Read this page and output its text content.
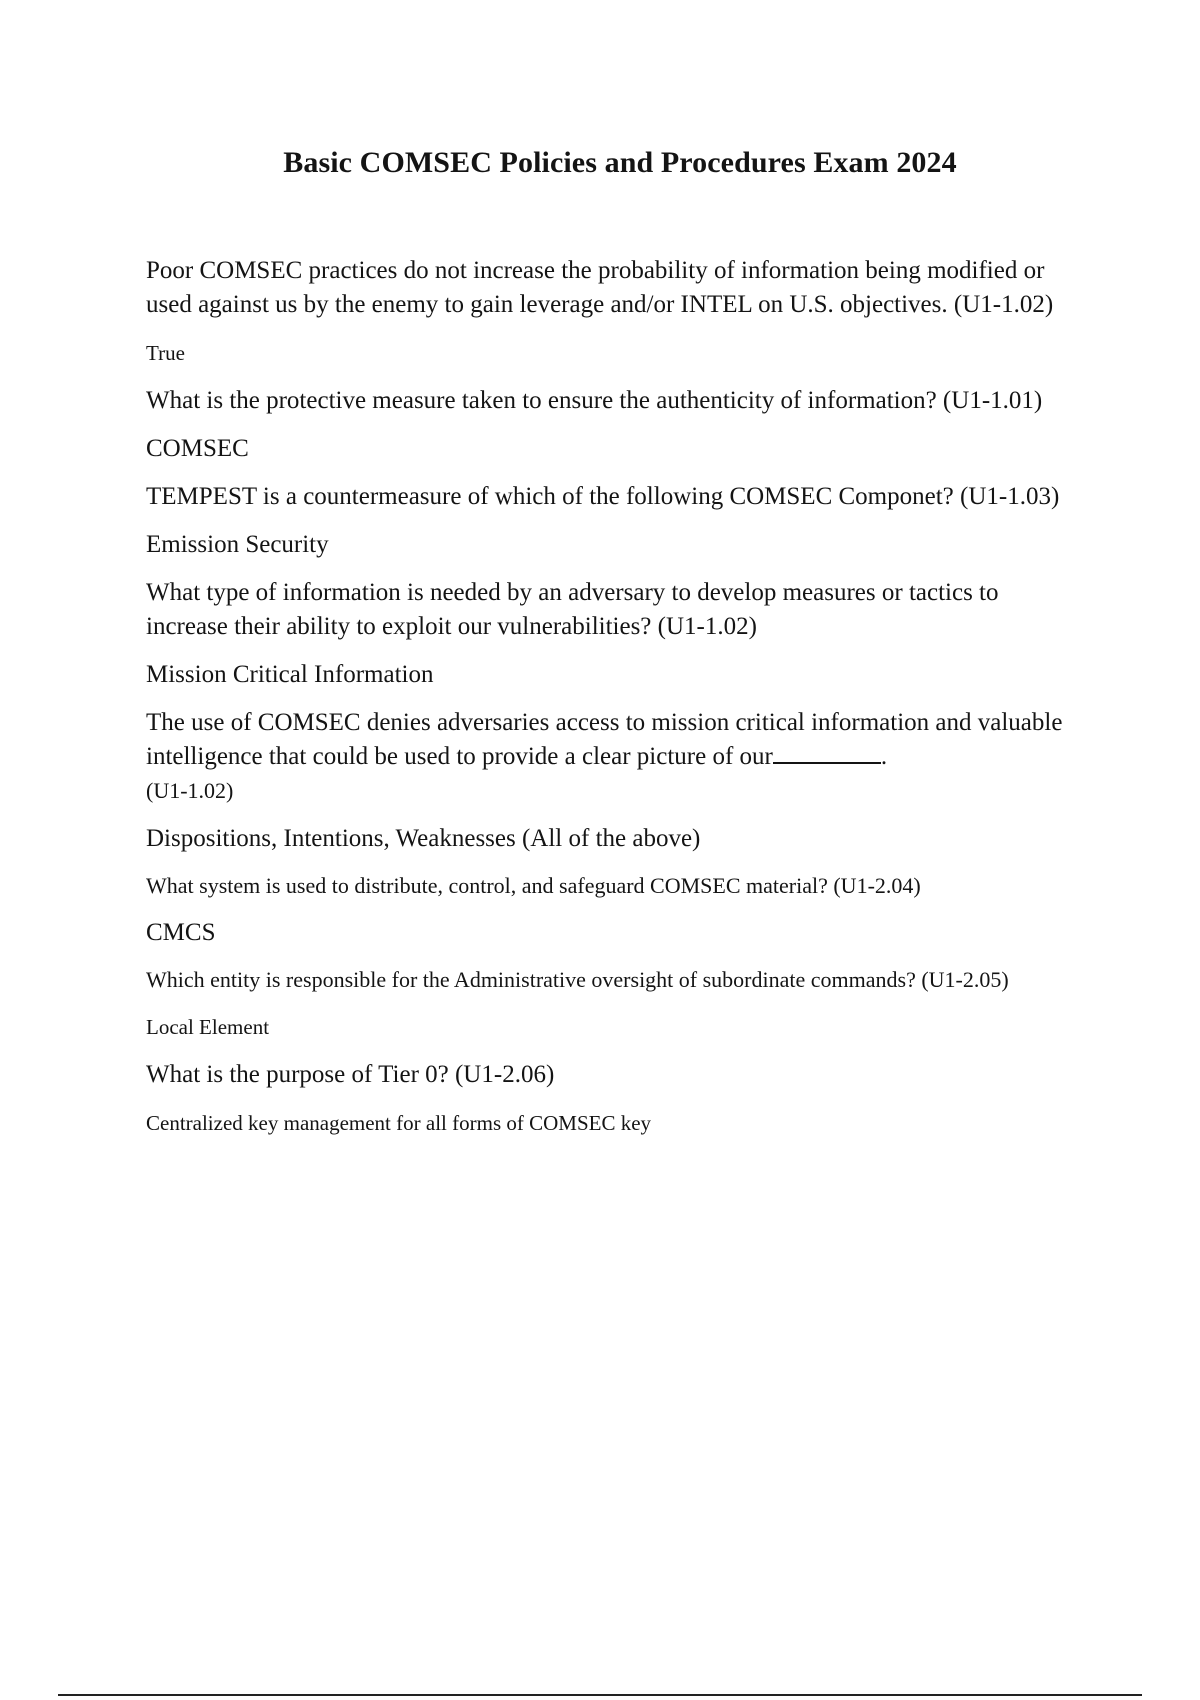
Basic COMSEC Policies and Procedures Exam 2024

Poor COMSEC practices do not increase the probability of information being modified or used against us by the enemy to gain leverage and/or INTEL on U.S. objectives. (U1-1.02)

True

What is the protective measure taken to ensure the authenticity of information? (U1-1.01)

COMSEC

TEMPEST is a countermeasure of which of the following COMSEC Componet? (U1-1.03)

Emission Security

What type of information is needed by an adversary to develop measures or tactics to increase their ability to exploit our vulnerabilities? (U1-1.02)

Mission Critical Information

The use of COMSEC denies adversaries access to mission critical information and valuable intelligence that could be used to provide a clear picture of our	.
(U1-1.02)

Dispositions, Intentions, Weaknesses (All of the above)

What system is used to distribute, control, and safeguard COMSEC material? (U1-2.04)

CMCS

Which entity is responsible for the Administrative oversight of subordinate commands? (U1-2.05)

Local Element

What is the purpose of Tier 0? (U1-2.06)

Centralized key management for all forms of COMSEC key
